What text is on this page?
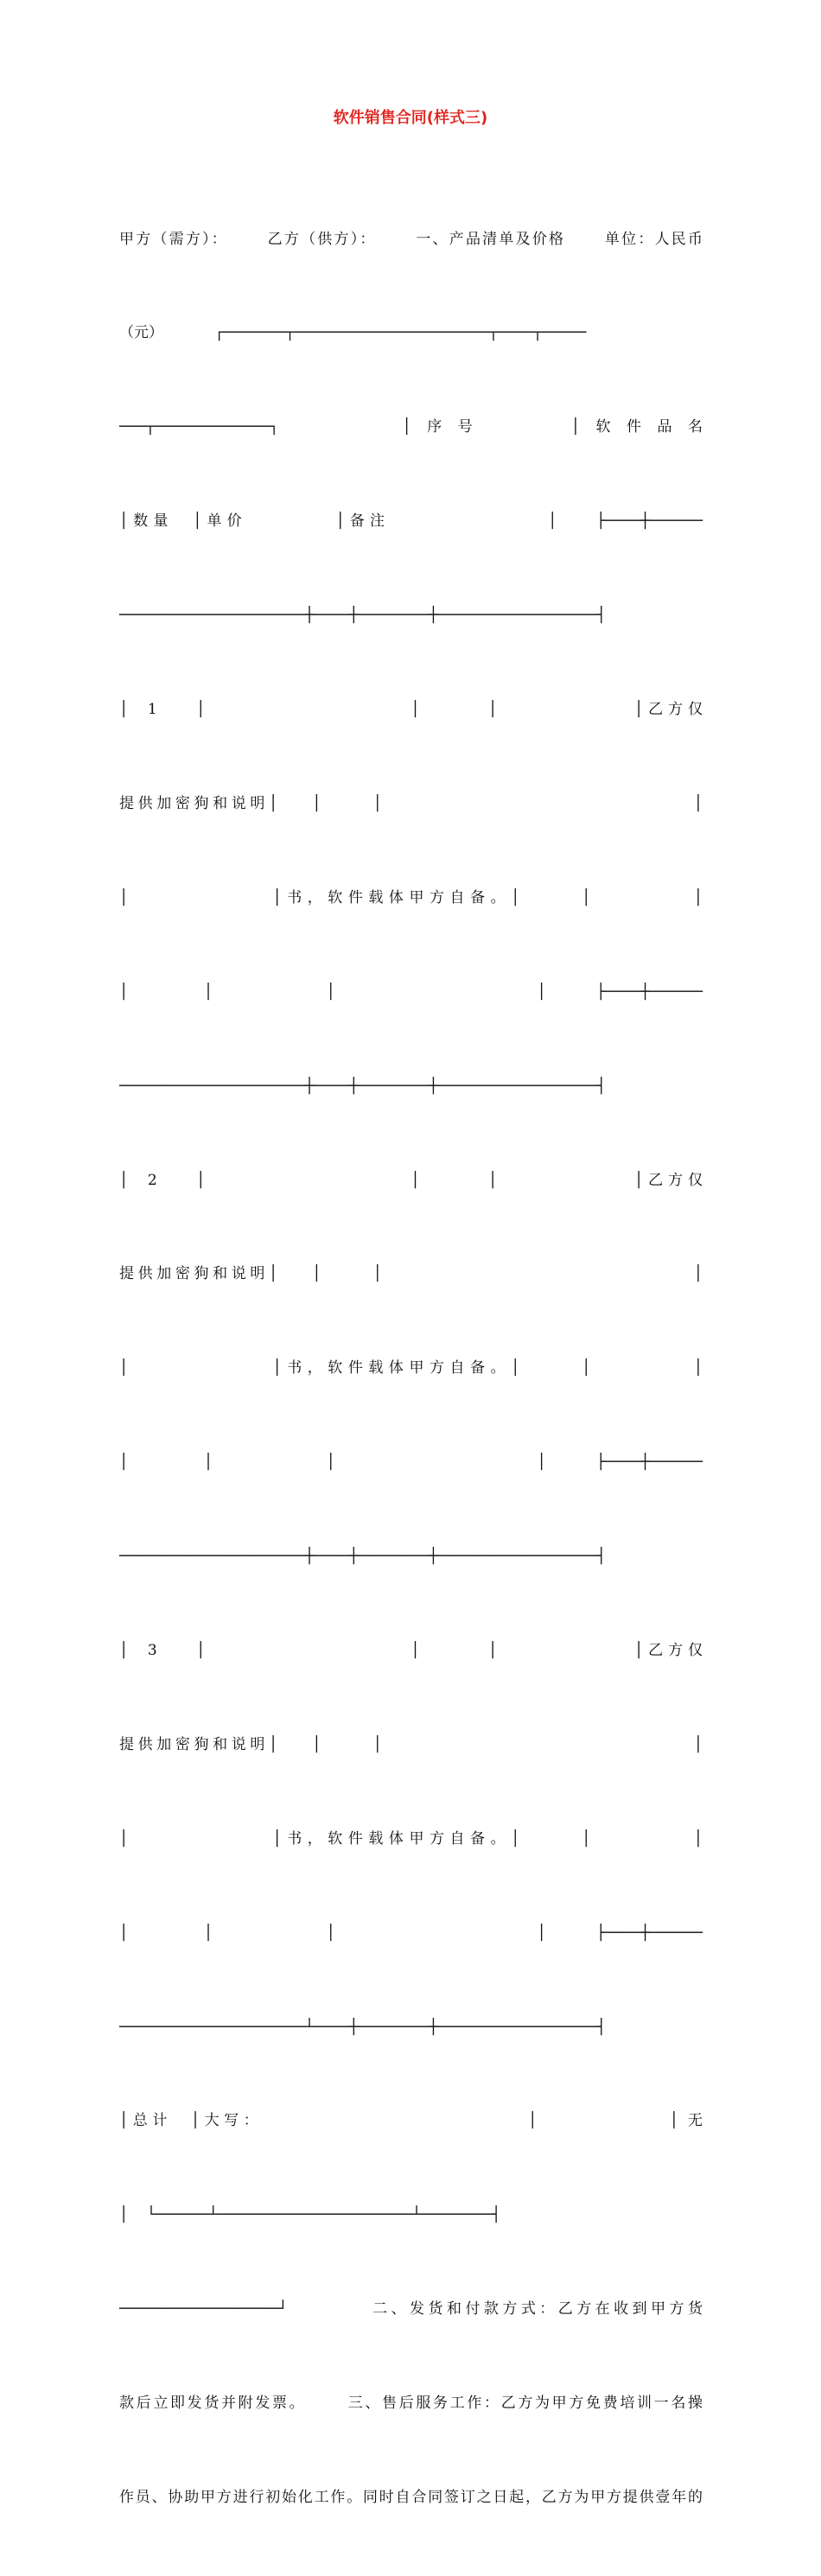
软件销售合同(样式三)

甲方（需方）：      乙方（供方）：      一、产品清单及价格      单位：人民币

（元）           ┌───────┬──────────────────────┬────┬─────

───┬─────────────┐      │序号    │软件品名

│数量  │单价         │备注                │    ├────┼──────

─────────────────────┼────┼────────┼──────────────────┤

│  1    │                     │       │              │乙方仅

提供加密狗和说明│    │      │                                    │

│              │书，软件载体甲方自备。│      │          │

│      │         │                │    ├────┼──────

─────────────────────┼────┼────────┼──────────────────┤

│  2    │                     │       │              │乙方仅

提供加密狗和说明│    │      │                                    │

│              │书，软件载体甲方自备。│      │          │

│      │         │                │    ├────┼──────

─────────────────────┼────┼────────┼──────────────────┤

│  3    │                     │       │              │乙方仅

提供加密狗和说明│    │      │                                    │

│              │书，软件载体甲方自备。│      │          │

│      │         │                │    ├────┼──────

─────────────────────┴────┼────────┼──────────────────┤

│总计  │大写：                            │              │ 无

│    └──────┴──────────────────────┴────────┤

──────────────────┘          二、发货和付款方式：乙方在收到甲方货

款后立即发货并附发票。      三、售后服务工作：乙方为甲方免费培训一名操

作员、协助甲方进行初始化工作。同时自合同签订之日起，乙方为甲方提供壹年的
